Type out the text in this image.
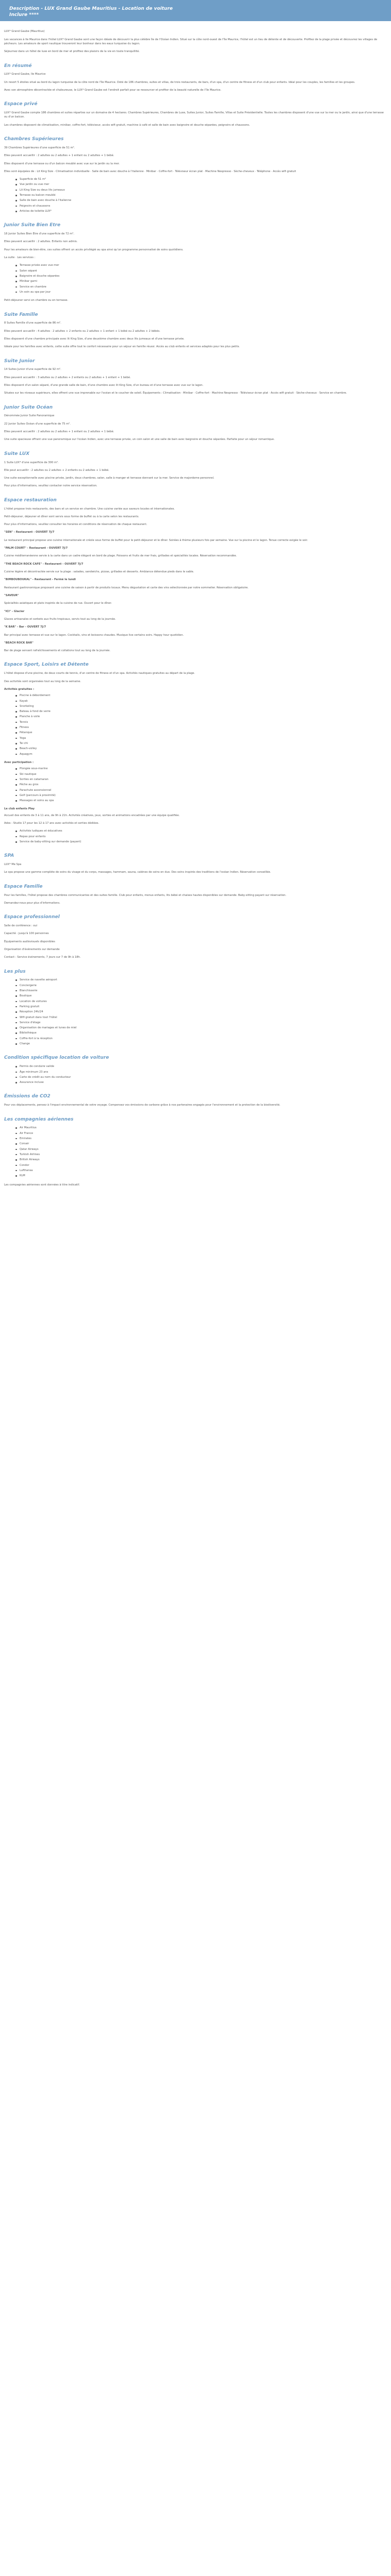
Description - LUX Grand Gaube Mauritius - Location de voiture
Inclure ****

LUX* Grand Gaube (Mauritius)

Les vacances à Ile Maurice dans l'hôtel LUX* Grand Gaube sont une façon idéale de découvrir la plus célèbre île de l'Océan Indien. Situé sur la côte nord-ouest de l'île Maurice, l'hôtel est un lieu de détente et de découverte. Profitez de la plage privée et découvrez les villages de pêcheurs. Les amateurs de sport nautique trouveront leur bonheur dans les eaux turquoise du lagon.

Séjournez dans un hôtel de luxe en bord de mer et profitez des plaisirs de la vie en toute tranquillité.

En résumé

LUX* Grand Gaube, Ile Maurice

Un resort 5 étoiles situé au bord du lagon turquoise de la côte nord de l'île Maurice. Doté de 186 chambres, suites et villas, de trois restaurants, de bars, d'un spa, d'un centre de fitness et d'un club pour enfants. Idéal pour les couples, les familles et les groupes.

Avec son atmosphère décontractée et chaleureuse, le LUX* Grand Gaube est l'endroit parfait pour se ressourcer et profiter de la beauté naturelle de l'île Maurice.

Espace privé

LUX* Grand Gaube compte 186 chambres et suites réparties sur un domaine de 4 hectares. Chambres Supérieures, Chambres de Luxe, Suites Junior, Suites Famille, Villas et Suite Présidentielle. Toutes les chambres disposent d'une vue sur la mer ou le jardin, ainsi que d'une terrasse ou d'un balcon.

Les chambres disposent de climatisation, minibar, coffre-fort, téléviseur, accès wifi gratuit, machine à café et salle de bain avec baignoire et douche séparées, peignoirs et chaussons.

Chambres Supérieures

39 Chambres Supérieures d'une superficie de 51 m².

Elles peuvent accueillir : 2 adultes ou 2 adultes + 1 enfant ou 2 adultes + 1 bébé.

Elles disposent d'une terrasse ou d'un balcon meublé avec vue sur le jardin ou la mer.

Elles sont équipées de : Lit King Size · Climatisation individuelle · Salle de bain avec douche à l'italienne · Minibar · Coffre-fort · Téléviseur écran plat · Machine Nespresso · Sèche-cheveux · Téléphone · Accès wifi gratuit

Superficie de 51 m²
Vue jardin ou vue mer
Lit King Size ou deux lits jumeaux
Terrasse ou balcon meublé
Salle de bain avec douche à l'italienne
Peignoirs et chaussons
Articles de toilette LUX*
Junior Suite Bien Etre

16 Junior Suites Bien Etre d'une superficie de 72 m².

Elles peuvent accueillir : 2 adultes. Enfants non admis.

Pour les amateurs de bien-être, ces suites offrent un accès privilégié au spa ainsi qu'un programme personnalisé de soins quotidiens.

La suite · Les services :

Terrasse privée avec vue mer
Salon séparé
Baignoire et douche séparées
Minibar garni
Service en chambre
Un soin au spa par jour

Petit-déjeuner servi en chambre ou en terrasse.

Suite Famille

8 Suites Famille d'une superficie de 86 m².

Elles peuvent accueillir : 4 adultes · 2 adultes + 2 enfants ou 2 adultes + 1 enfant + 1 bébé ou 2 adultes + 2 bébés.

Elles disposent d'une chambre principale avec lit King Size, d'une deuxième chambre avec deux lits jumeaux et d'une terrasse privée.

Idéale pour les familles avec enfants, cette suite offre tout le confort nécessaire pour un séjour en famille réussi. Accès au club enfants et services adaptés pour les plus petits.

Suite Junior

14 Suites Junior d'une superficie de 92 m².

Elles peuvent accueillir : 3 adultes ou 2 adultes + 2 enfants ou 2 adultes + 1 enfant + 1 bébé.

Elles disposent d'un salon séparé, d'une grande salle de bain, d'une chambre avec lit King Size, d'un bureau et d'une terrasse avec vue sur le lagon.

Situées sur les niveaux supérieurs, elles offrent une vue imprenable sur l'océan et le coucher de soleil. Équipements : Climatisation · Minibar · Coffre-fort · Machine Nespresso · Téléviseur écran plat · Accès wifi gratuit · Sèche-cheveux · Service en chambre.

Junior Suite Océan

Dénommée Junior Suite Panoramique

22 Junior Suites Océan d'une superficie de 75 m².

Elles peuvent accueillir : 2 adultes ou 2 adultes + 1 enfant ou 2 adultes + 1 bébé.

Une suite spacieuse offrant une vue panoramique sur l'océan Indien, avec une terrasse privée, un coin salon et une salle de bain avec baignoire et douche séparées. Parfaite pour un séjour romantique.

Suite LUX

1 Suite LUX* d'une superficie de 300 m².

Elle peut accueillir : 2 adultes ou 2 adultes + 2 enfants ou 2 adultes + 1 bébé.

Une suite exceptionnelle avec piscine privée, jardin, deux chambres, salon, salle à manger et terrasse donnant sur la mer. Service de majordome personnel.

Pour plus d'informations, veuillez contacter notre service réservation.

Espace restauration

L'hôtel propose trois restaurants, des bars et un service en chambre. Une cuisine variée aux saveurs locales et internationales.

Petit-déjeuner, déjeuner et dîner sont servis sous forme de buffet ou à la carte selon les restaurants.

Pour plus d'informations, veuillez consulter les horaires et conditions de réservation de chaque restaurant.

"SEN" - Restaurant - OUVERT 7J/7

Le restaurant principal propose une cuisine internationale et créole sous forme de buffet pour le petit-déjeuner et le dîner. Soirées à thème plusieurs fois par semaine. Vue sur la piscine et le lagon. Tenue correcte exigée le soir.

"PALM COURT" - Restaurant - OUVERT 7J/7

Cuisine méditerranéenne servie à la carte dans un cadre élégant en bord de plage. Poissons et fruits de mer frais, grillades et spécialités locales. Réservation recommandée.

"THE BEACH ROCK CAFE" - Restaurant - OUVERT 7J/7

Cuisine légère et décontractée servie sur la plage : salades, sandwichs, pizzas, grillades et desserts. Ambiance détendue pieds dans le sable.

"BIMBOUBOUKAL" - Restaurant - Fermé le lundi

Restaurant gastronomique proposant une cuisine de saison à partir de produits locaux. Menu dégustation et carte des vins sélectionnée par notre sommelier. Réservation obligatoire.

"SAVEUR"

Spécialités asiatiques et plats inspirés de la cuisine de rue. Ouvert pour le dîner.

"ICI" - Glacier

Glaces artisanales et sorbets aux fruits tropicaux, servis tout au long de la journée.

"K BAR" - Bar - OUVERT 7J/7

Bar principal avec terrasse et vue sur le lagon. Cocktails, vins et boissons chaudes. Musique live certains soirs. Happy hour quotidien.

"BEACH ROCK BAR"

Bar de plage servant rafraîchissements et collations tout au long de la journée.

Espace Sport, Loisirs et Détente

L'hôtel dispose d'une piscine, de deux courts de tennis, d'un centre de fitness et d'un spa. Activités nautiques gratuites au départ de la plage.

Des activités sont organisées tout au long de la semaine.

Activités gratuites :

Piscine à débordement
Kayak
Snorkeling
Bateau à fond de verre
Planche à voile
Tennis
Fitness
Pétanque
Yoga
Tai chi
Beach-volley
Aquagym

Avec participation :

Plongée sous-marine
Ski nautique
Sorties en catamaran
Pêche au gros
Parachute ascensionnel
Golf (parcours à proximité)
Massages et soins au spa

Le club enfants Play

Accueil des enfants de 3 à 11 ans, de 9h à 21h. Activités créatives, jeux, sorties et animations encadrées par une équipe qualifiée.

Ados : Studio 17 pour les 12 à 17 ans avec activités et sorties dédiées.

Activités ludiques et éducatives
Repas pour enfants
Service de baby-sitting sur demande (payant)
SPA

LUX* Me Spa

Le spa propose une gamme complète de soins du visage et du corps, massages, hammam, sauna, cabines de soins en duo. Des soins inspirés des traditions de l'océan Indien. Réservation conseillée.

Espace Famille

Pour les familles, l'hôtel propose des chambres communicantes et des suites famille. Club pour enfants, menus enfants, lits bébé et chaises hautes disponibles sur demande. Baby-sitting payant sur réservation.

Demandez-nous pour plus d'informations.

Espace professionnel

Salle de conférence : oui

Capacité : jusqu'à 100 personnes

Équipements audiovisuels disponibles

Organisation d'événements sur demande

Contact : Service événements, 7 jours sur 7 de 9h à 18h.

Les plus
Service de navette aéroport
Conciergerie
Blanchisserie
Boutique
Location de voitures
Parking gratuit
Réception 24h/24
Wifi gratuit dans tout l'hôtel
Service d'étage
Organisation de mariages et lunes de miel
Bibliothèque
Coffre-fort à la réception
Change
Condition spécifique location de voiture
Permis de conduire valide
Âge minimum 23 ans
Carte de crédit au nom du conducteur
Assurance incluse
Émissions de CO2

Pour vos déplacements, pensez à l'impact environnemental de votre voyage. Compensez vos émissions de carbone grâce à nos partenaires engagés pour l'environnement et la protection de la biodiversité.

Les compagnies aériennes
Air Mauritius
Air France
Emirates
Corsair
Qatar Airways
Turkish Airlines
British Airways
Condor
Lufthansa
KLM

Les compagnies aériennes sont données à titre indicatif.
